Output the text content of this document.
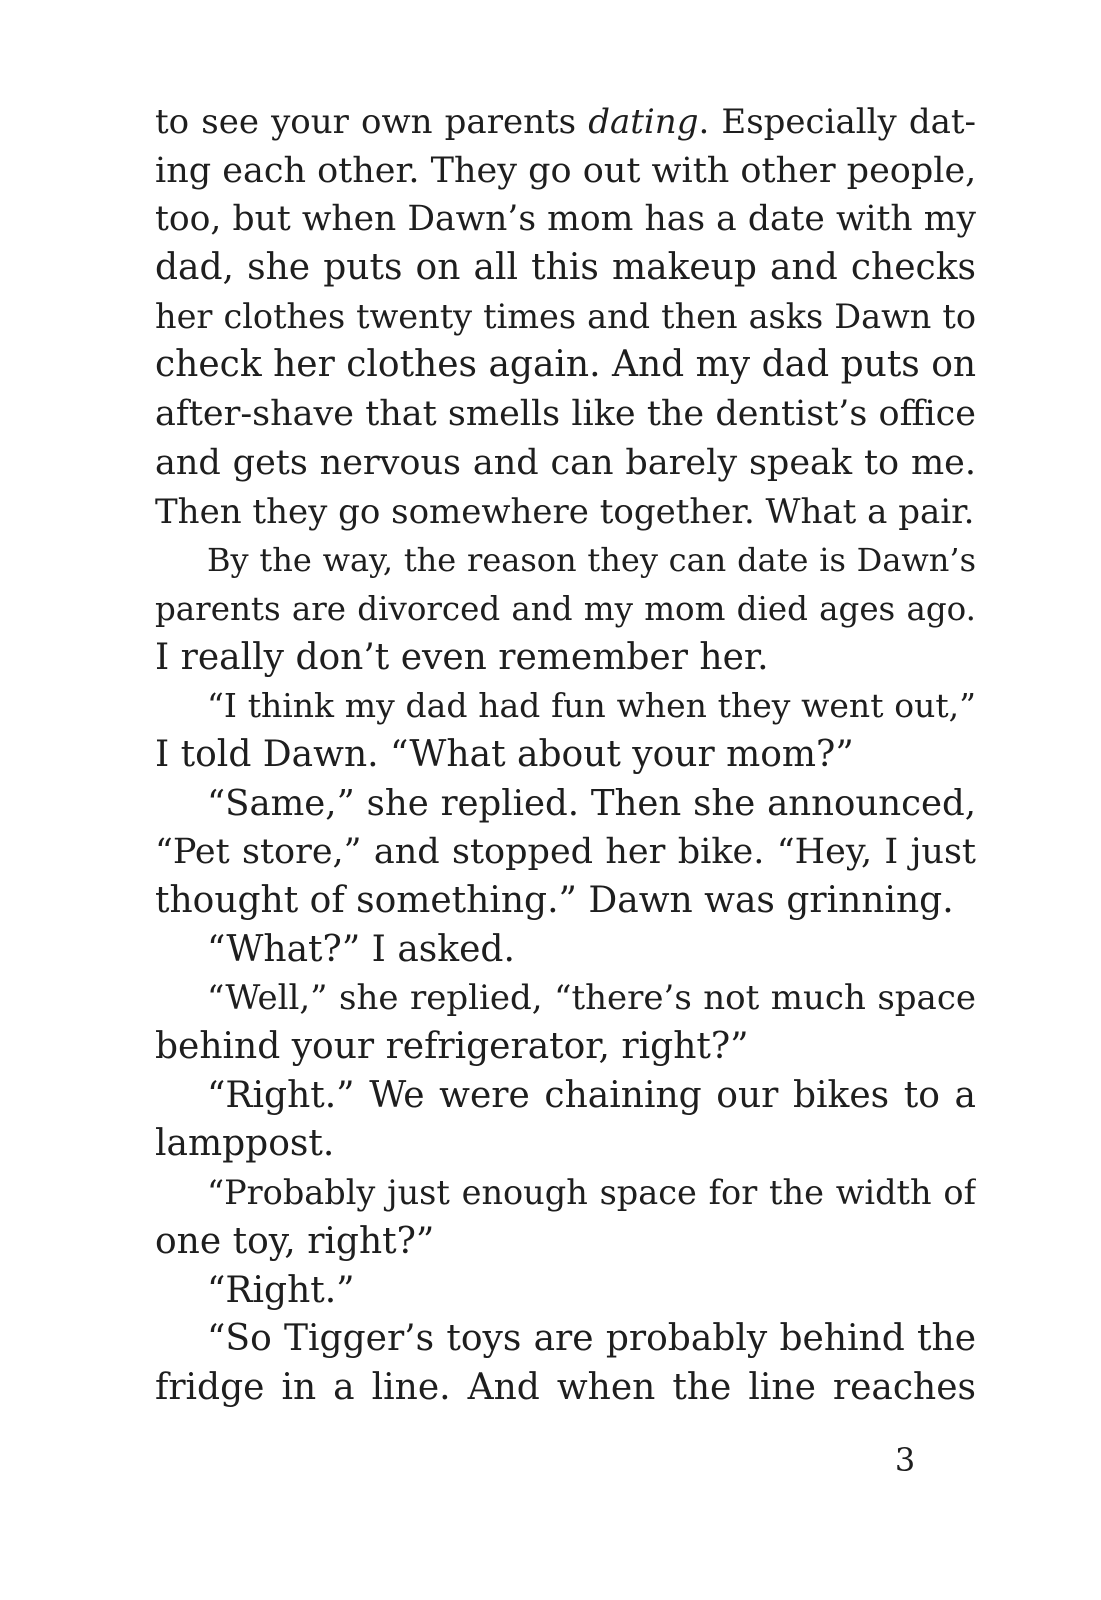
to see your own parents dating. Especially dat-
ing each other. They go out with other people,
too, but when Dawn’s mom has a date with my
dad, she puts on all this makeup and checks
her clothes twenty times and then asks Dawn to
check her clothes again. And my dad puts on
after-shave that smells like the dentist’s office
and gets nervous and can barely speak to me.
Then they go somewhere together. What a pair.
By the way, the reason they can date is Dawn’s
parents are divorced and my mom died ages ago.
I really don’t even remember her.
“I think my dad had fun when they went out,”
I told Dawn. “What about your mom?”
“Same,” she replied. Then she announced,
“Pet store,” and stopped her bike. “Hey, I just
thought of something.” Dawn was grinning.
“What?” I asked.
“Well,” she replied, “there’s not much space
behind your refrigerator, right?”
“Right.” We were chaining our bikes to a
lamppost.
“Probably just enough space for the width of
one toy, right?”
“Right.”
“So Tigger’s toys are probably behind the
fridge in a line. And when the line reaches
3
